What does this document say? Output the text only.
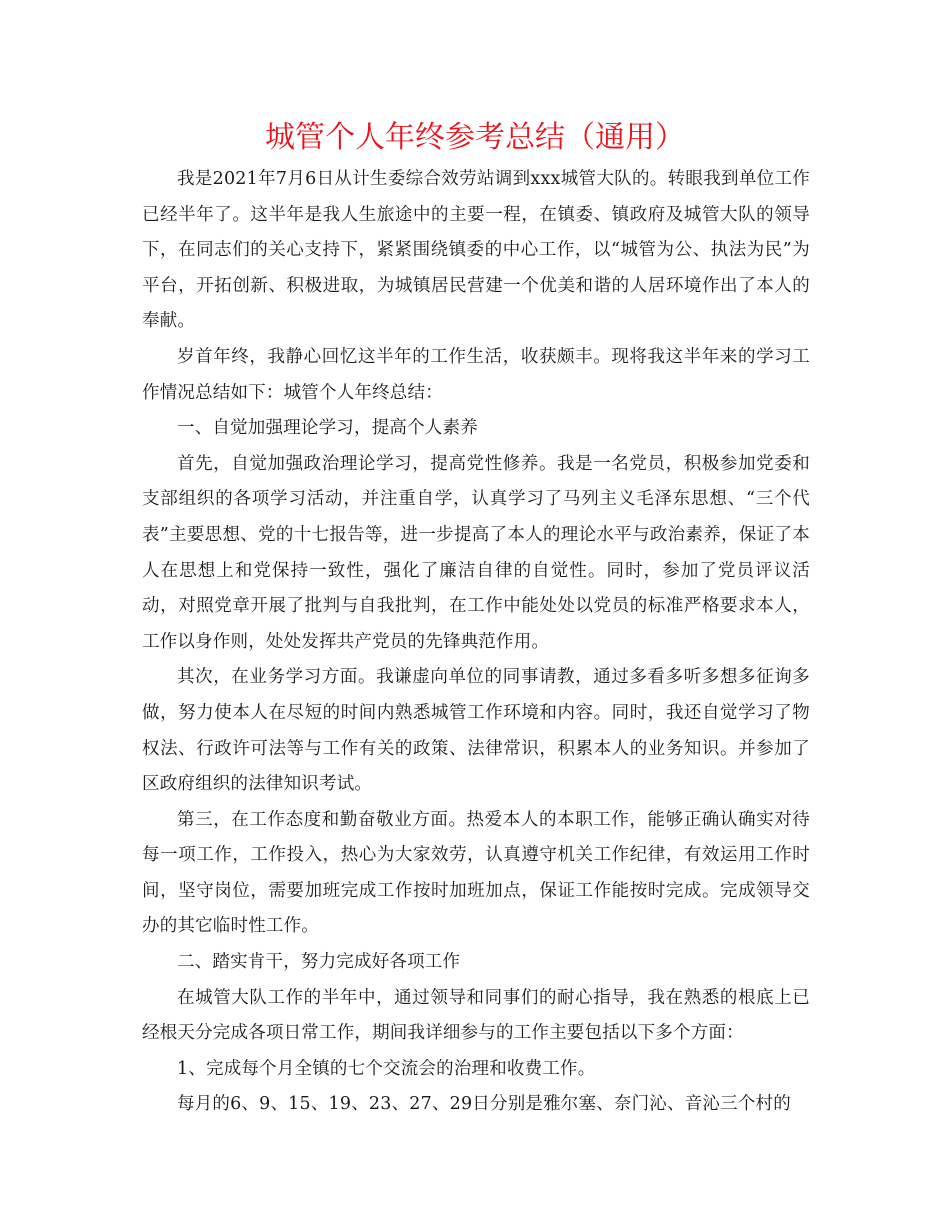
城管个人年终参考总结（通用）

我是2021年7月6日从计生委综合效劳站调到xxx城管大队的。转眼我到单位工作已经半年了。这半年是我人生旅途中的主要一程，在镇委、镇政府及城管大队的领导下，在同志们的关心支持下，紧紧围绕镇委的中心工作，以“城管为公、执法为民”为平台，开拓创新、积极进取，为城镇居民营建一个优美和谐的人居环境作出了本人的奉献。

岁首年终，我静心回忆这半年的工作生活，收获颇丰。现将我这半年来的学习工作情况总结如下：城管个人年终总结：

一、自觉加强理论学习，提高个人素养

首先，自觉加强政治理论学习，提高党性修养。我是一名党员，积极参加党委和支部组织的各项学习活动，并注重自学，认真学习了马列主义毛泽东思想、“三个代表”主要思想、党的十七报告等，进一步提高了本人的理论水平与政治素养，保证了本人在思想上和党保持一致性，强化了廉洁自律的自觉性。同时，参加了党员评议活动，对照党章开展了批判与自我批判，在工作中能处处以党员的标准严格要求本人，工作以身作则，处处发挥共产党员的先锋典范作用。

其次，在业务学习方面。我谦虚向单位的同事请教，通过多看多听多想多征询多做，努力使本人在尽短的时间内熟悉城管工作环境和内容。同时，我还自觉学习了物权法、行政许可法等与工作有关的政策、法律常识，积累本人的业务知识。并参加了区政府组织的法律知识考试。

第三，在工作态度和勤奋敬业方面。热爱本人的本职工作，能够正确认确实对待每一项工作，工作投入，热心为大家效劳，认真遵守机关工作纪律，有效运用工作时间，坚守岗位，需要加班完成工作按时加班加点，保证工作能按时完成。完成领导交办的其它临时性工作。

二、踏实肯干，努力完成好各项工作

在城管大队工作的半年中，通过领导和同事们的耐心指导，我在熟悉的根底上已经根天分完成各项日常工作，期间我详细参与的工作主要包括以下多个方面：

1、完成每个月全镇的七个交流会的治理和收费工作。

每月的6、9、15、19、23、27、29日分别是雅尔塞、奈门沁、音沁三个村的
